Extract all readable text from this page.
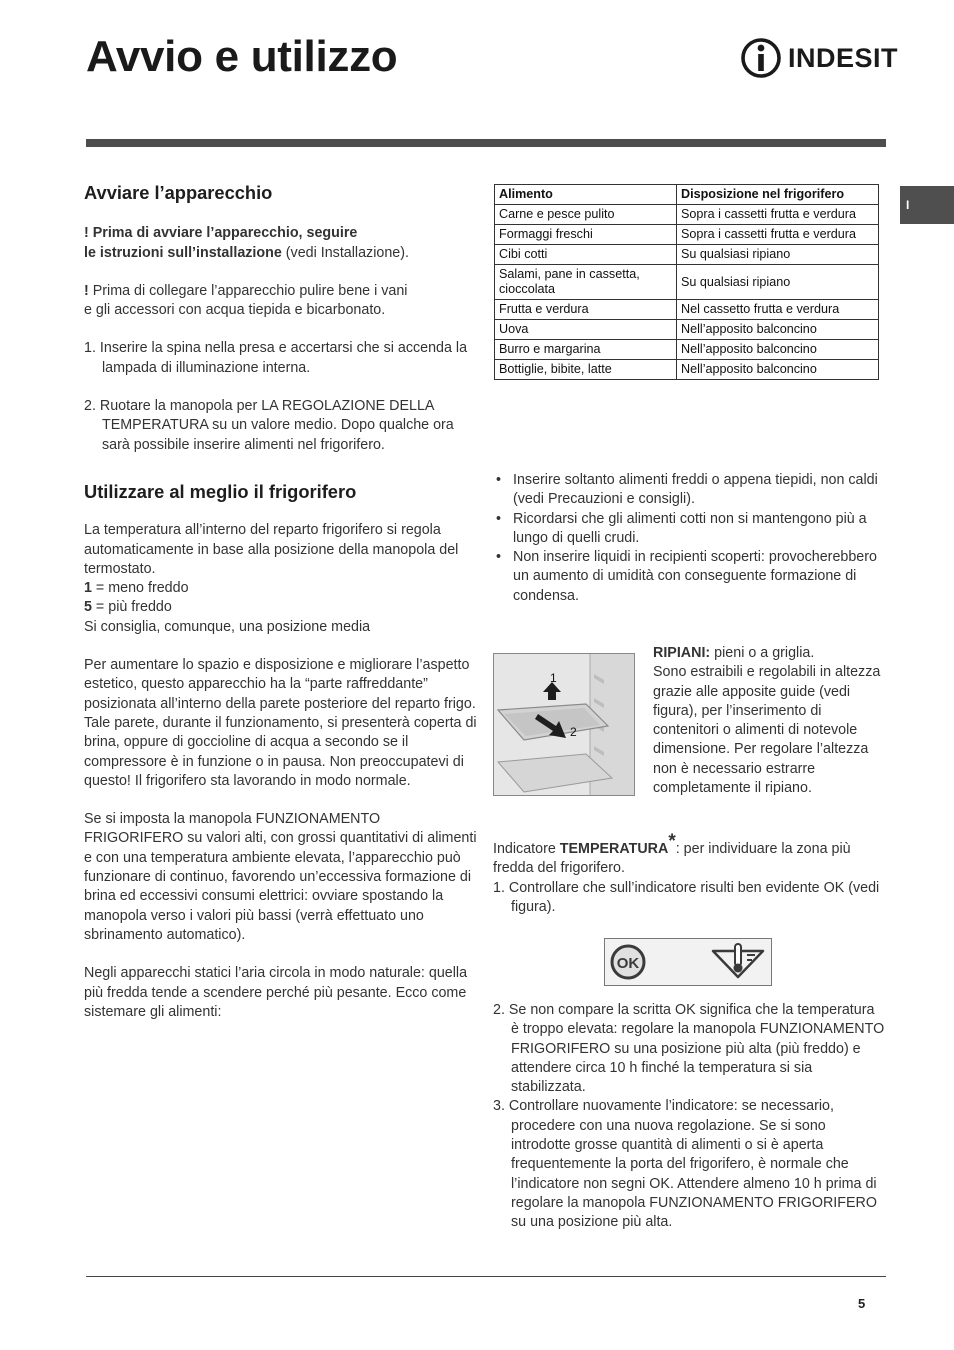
Avvio e utilizzo	INDESIT
I
Avviare l’apparecchio

! Prima di avviare l’apparecchio, seguire
le istruzioni sull’installazione (vedi Installazione).

! Prima di collegare l’apparecchio pulire bene i vani
e gli accessori con acqua tiepida e bicarbonato.

1. Inserire la spina nella presa e accertarsi che si accenda la lampada di illuminazione interna.

2. Ruotare la manopola per LA REGOLAZIONE DELLA TEMPERATURA su un valore medio. Dopo qualche ora sarà possibile inserire alimenti nel frigorifero.

Utilizzare al meglio il frigorifero

La temperatura all’interno del reparto frigorifero si regola automaticamente in base alla posizione della manopola del termostato.

1 = meno freddo

5 = più freddo

Si consiglia, comunque, una posizione media

Per aumentare lo spazio e disposizione e migliorare l’aspetto estetico, questo apparecchio ha la “parte raffreddante” posizionata all’interno della parete posteriore del reparto frigo. Tale parete, durante il funzionamento, si presenterà coperta di brina, oppure di goccioline di acqua a secondo se il compressore è in funzione o in pausa. Non preoccupatevi di questo! Il frigorifero sta lavorando in modo normale.

Se si imposta la manopola FUNZIONAMENTO FRIGORIFERO su valori alti, con grossi quantitativi di alimenti e con una temperatura ambiente elevata, l’apparecchio può funzionare di continuo, favorendo un’eccessiva formazione di brina ed eccessivi consumi elettrici: ovviare spostando la manopola verso i valori più bassi (verrà effettuato uno sbrinamento automatico).

Negli apparecchi statici l’aria circola in modo naturale: quella più fredda tende a scendere perché più pesante. Ecco come sistemare gli alimenti:

Alimento	Disposizione nel frigorifero
Carne e pesce pulito	Sopra i cassetti frutta e verdura
Formaggi freschi	Sopra i cassetti frutta e verdura
Cibi cotti	Su qualsiasi ripiano
Salami, pane in cassetta, cioccolata	Su qualsiasi ripiano
Frutta e verdura	Nel cassetto frutta e verdura
Uova	Nell’apposito balconcino
Burro e margarina	Nell’apposito balconcino
Bottiglie, bibite, latte	Nell’apposito balconcino
• Inserire soltanto alimenti freddi o appena tiepidi, non caldi (vedi Precauzioni e consigli).
• Ricordarsi che gli alimenti cotti non si mantengono più a lungo di quelli crudi.
• Non inserire liquidi in recipienti scoperti: provocherebbero un aumento di umidità con conseguente formazione di condensa.
1
2

RIPIANI: pieni o a griglia.

Sono estraibili e regolabili in altezza grazie alle apposite guide (vedi figura), per l’inserimento di contenitori o alimenti di notevole dimensione. Per regolare l’altezza non è necessario estrarre completamente il ripiano.

Indicatore TEMPERATURA*: per individuare la zona più fredda del frigorifero.

1. Controllare che sull’indicatore risulti ben evidente OK (vedi figura).

OK

2. Se non compare la scritta OK significa che la temperatura è troppo elevata: regolare la manopola FUNZIONAMENTO FRIGORIFERO su una posizione più alta (più freddo) e attendere circa 10 h finché la temperatura si sia stabilizzata.

3. Controllare nuovamente l’indicatore: se necessario, procedere con una nuova regolazione. Se si sono introdotte grosse quantità di alimenti o si è aperta frequentemente la porta del frigorifero, è normale che l’indicatore non segni OK. Attendere almeno 10 h prima di regolare la manopola FUNZIONAMENTO FRIGORIFERO su una posizione più alta.

5
